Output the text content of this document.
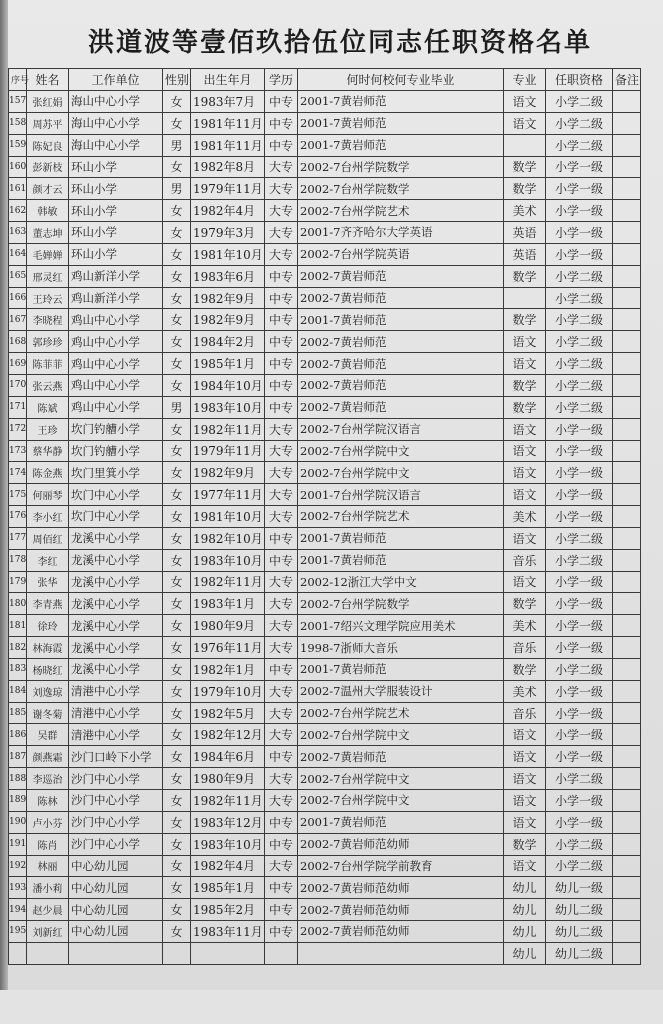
洪道波等壹佰玖拾伍位同志任职资格名单
序号	姓名	工作单位	性别	出生年月	学历	何时何校何专业毕业	专业	任职资格	备注
157	张红娟	海山中心小学	女	1983年7月	中专	2001-7黄岩师范	语文	小学二级	
158	周苏平	海山中心小学	女	1981年11月	中专	2001-7黄岩师范	语文	小学二级	
159	陈妃良	海山中心小学	男	1981年11月	中专	2001-7黄岩师范		小学二级	
160	彭新枝	环山小学	女	1982年8月	大专	2002-7台州学院数学	数学	小学一级	
161	颜才云	环山小学	男	1979年11月	大专	2002-7台州学院数学	数学	小学一级	
162	韩敏	环山小学	女	1982年4月	大专	2002-7台州学院艺术	美术	小学一级	
163	董志坤	环山小学	女	1979年3月	大专	2001-7齐齐哈尔大学英语	英语	小学一级	
164	毛婵婵	环山小学	女	1981年10月	大专	2002-7台州学院英语	英语	小学一级	
165	邢灵红	鸡山新洋小学	女	1983年6月	中专	2002-7黄岩师范	数学	小学二级	
166	王玲云	鸡山新洋小学	女	1982年9月	中专	2002-7黄岩师范		小学二级	
167	李晓程	鸡山中心小学	女	1982年9月	中专	2001-7黄岩师范	数学	小学二级	
168	郭珍珍	鸡山中心小学	女	1984年2月	中专	2002-7黄岩师范	语文	小学二级	
169	陈菲菲	鸡山中心小学	女	1985年1月	中专	2002-7黄岩师范	语文	小学二级	
170	张云燕	鸡山中心小学	女	1984年10月	中专	2002-7黄岩师范	数学	小学二级	
171	陈斌	鸡山中心小学	男	1983年10月	中专	2002-7黄岩师范	数学	小学二级	
172	王珍	坎门钓艚小学	女	1982年11月	大专	2002-7台州学院汉语言	语文	小学一级	
173	蔡华静	坎门钓艚小学	女	1979年11月	大专	2002-7台州学院中文	语文	小学一级	
174	陈金燕	坎门里箕小学	女	1982年9月	大专	2002-7台州学院中文	语文	小学一级	
175	何丽琴	坎门中心小学	女	1977年11月	大专	2001-7台州学院汉语言	语文	小学一级	
176	李小红	坎门中心小学	女	1981年10月	大专	2002-7台州学院艺术	美术	小学一级	
177	周佰红	龙溪中心小学	女	1982年10月	中专	2001-7黄岩师范	语文	小学二级	
178	李红	龙溪中心小学	女	1983年10月	中专	2001-7黄岩师范	音乐	小学二级	
179	张华	龙溪中心小学	女	1982年11月	大专	2002-12浙江大学中文	语文	小学一级	
180	李青燕	龙溪中心小学	女	1983年1月	大专	2002-7台州学院数学	数学	小学一级	
181	徐玲	龙溪中心小学	女	1980年9月	大专	2001-7绍兴文理学院应用美术	美术	小学一级	
182	林海霞	龙溪中心小学	女	1976年11月	大专	1998-7浙师大音乐	音乐	小学一级	
183	杨晓红	龙溪中心小学	女	1982年1月	中专	2001-7黄岩师范	数学	小学二级	
184	刘逸琼	清港中心小学	女	1979年10月	大专	2002-7温州大学服装设计	美术	小学一级	
185	谢冬菊	清港中心小学	女	1982年5月	大专	2002-7台州学院艺术	音乐	小学一级	
186	吴群	清港中心小学	女	1982年12月	大专	2002-7台州学院中文	语文	小学一级	
187	颜燕霜	沙门口岭下小学	女	1984年6月	中专	2002-7黄岩师范	语文	小学一级	
188	李巡治	沙门中心小学	女	1980年9月	大专	2002-7台州学院中文	语文	小学二级	
189	陈林	沙门中心小学	女	1982年11月	大专	2002-7台州学院中文	语文	小学一级	
190	卢小芬	沙门中心小学	女	1983年12月	中专	2001-7黄岩师范	语文	小学一级	
191	陈肖	沙门中心小学	女	1983年10月	中专	2002-7黄岩师范幼师	数学	小学二级	
192	林丽	中心幼儿园	女	1982年4月	大专	2002-7台州学院学前教育	语文	小学二级	
193	潘小莉	中心幼儿园	女	1985年1月	中专	2002-7黄岩师范幼师	幼儿	幼儿一级	
194	赵少晨	中心幼儿园	女	1985年2月	中专	2002-7黄岩师范幼师	幼儿	幼儿二级	
195	刘新红	中心幼儿园	女	1983年11月	中专	2002-7黄岩师范幼师	幼儿	幼儿二级	
							幼儿	幼儿二级	
